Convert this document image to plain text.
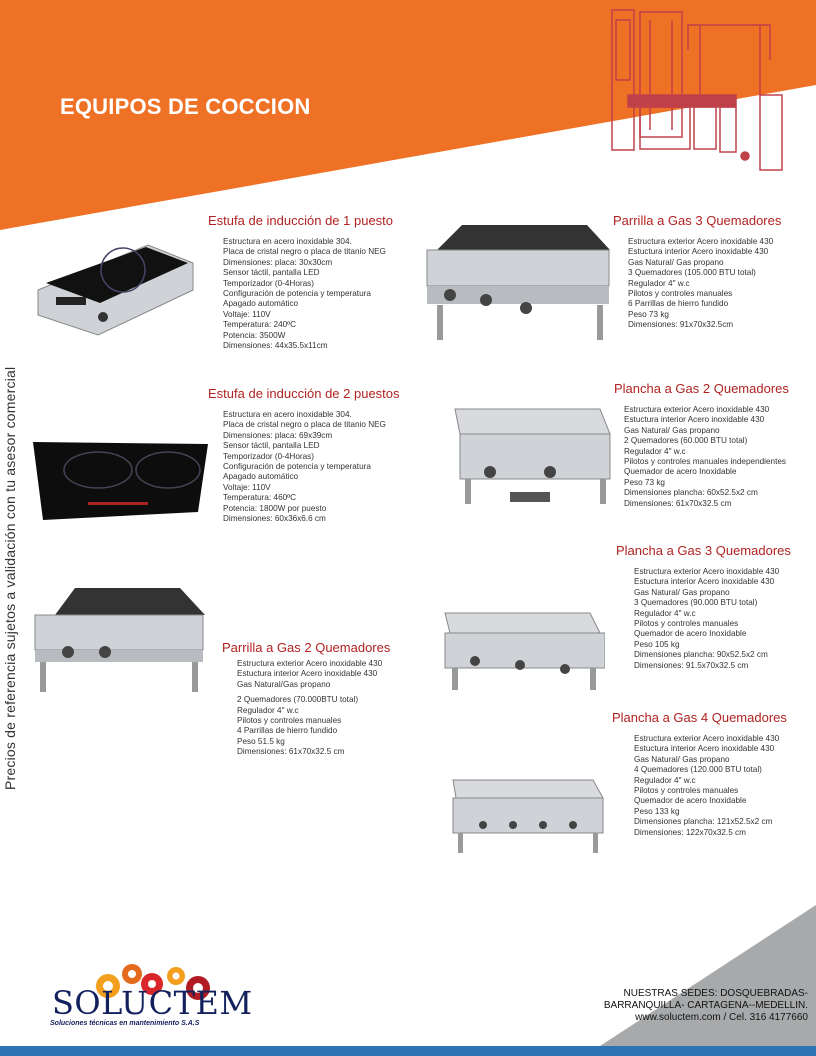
EQUIPOS DE COCCION
Precios de referencia sujetos a validación con tu asesor comercial
Estufa de inducción de 1 puesto
Estructura en acero inoxidable 304.
Placa de cristal negro o placa de titanio NEG
Dimensiones: placa: 30x30cm
Sensor táctil, pantalla LED
Temporizador (0-4Horas)
Configuración de potencia y temperatura
Apagado automático
Voltaje: 110V
Temperatura: 240ºC
Potencia: 3500W
Dimensiones: 44x35.5x11cm
Estufa de inducción de 2 puestos
Estructura en acero inoxidable 304.
Placa de cristal negro o placa de titanio NEG
Dimensiones: placa: 69x39cm
Sensor táctil, pantalla LED
Temporizador (0-4Horas)
Configuración de potencia y temperatura
Apagado automático
Voltaje: 110V
Temperatura: 460ºC
Potencia: 1800W por puesto
Dimensiones: 60x36x6.6 cm
Parrilla a Gas 2 Quemadores
Estructura exterior Acero inoxidable 430
Estuctura interior Acero inoxidable 430
Gas Natural/Gas propano
2 Quemadores (70.000BTU total)
Regulador 4" w.c
Pilotos y controles manuales
4 Parrillas de hierro fundido
Peso 51.5 kg
Dimensiones: 61x70x32.5 cm
Parrilla a Gas 3 Quemadores
Estructura exterior Acero inoxidable 430
Estuctura interior Acero inoxidable 430
Gas Natural/ Gas propano
3 Quemadores (105.000 BTU total)
Regulador 4" w.c
Pilotos y controles manuales
6 Parrillas de hierro fundido
Peso 73 kg
Dimensiones: 91x70x32.5cm
Plancha a Gas 2 Quemadores
Estructura exterior Acero inoxidable 430
Estuctura interior Acero inoxidable 430
Gas Natural/ Gas propano
2 Quemadores (60.000 BTU total)
Regulador 4" w.c
Pilotos y controles manuales independientes
Quemador de acero Inoxidable
Peso 73 kg
Dimensiones plancha: 60x52.5x2 cm
Dimensiones: 61x70x32.5 cm
Plancha a Gas 3 Quemadores
Estructura exterior Acero inoxidable 430
Estuctura interior Acero inoxidable 430
Gas Natural/ Gas propano
3 Quemadores (90.000 BTU total)
Regulador 4" w.c
Pilotos y controles manuales
Quemador de acero Inoxidable
Peso 105 kg
Dimensiones plancha: 90x52.5x2 cm
Dimensiones: 91.5x70x32.5 cm
Plancha a Gas 4 Quemadores
Estructura exterior Acero inoxidable 430
Estuctura interior Acero inoxidable 430
Gas Natural/ Gas propano
4 Quemadores (120.000 BTU total)
Regulador 4" w.c
Pilotos y controles manuales
Quemador de acero Inoxidable
Peso 133 kg
Dimensiones plancha: 121x52.5x2 cm
Dimensiones: 122x70x32.5 cm
SOLUCTEM
Soluciones técnicas en mantenimiento S.A.S
NUESTRAS SEDES: DOSQUEBRADAS-
BARRANQUILLA- CARTAGENA--MEDELLIN.
www.soluctem.com / Cel. 316 4177660
